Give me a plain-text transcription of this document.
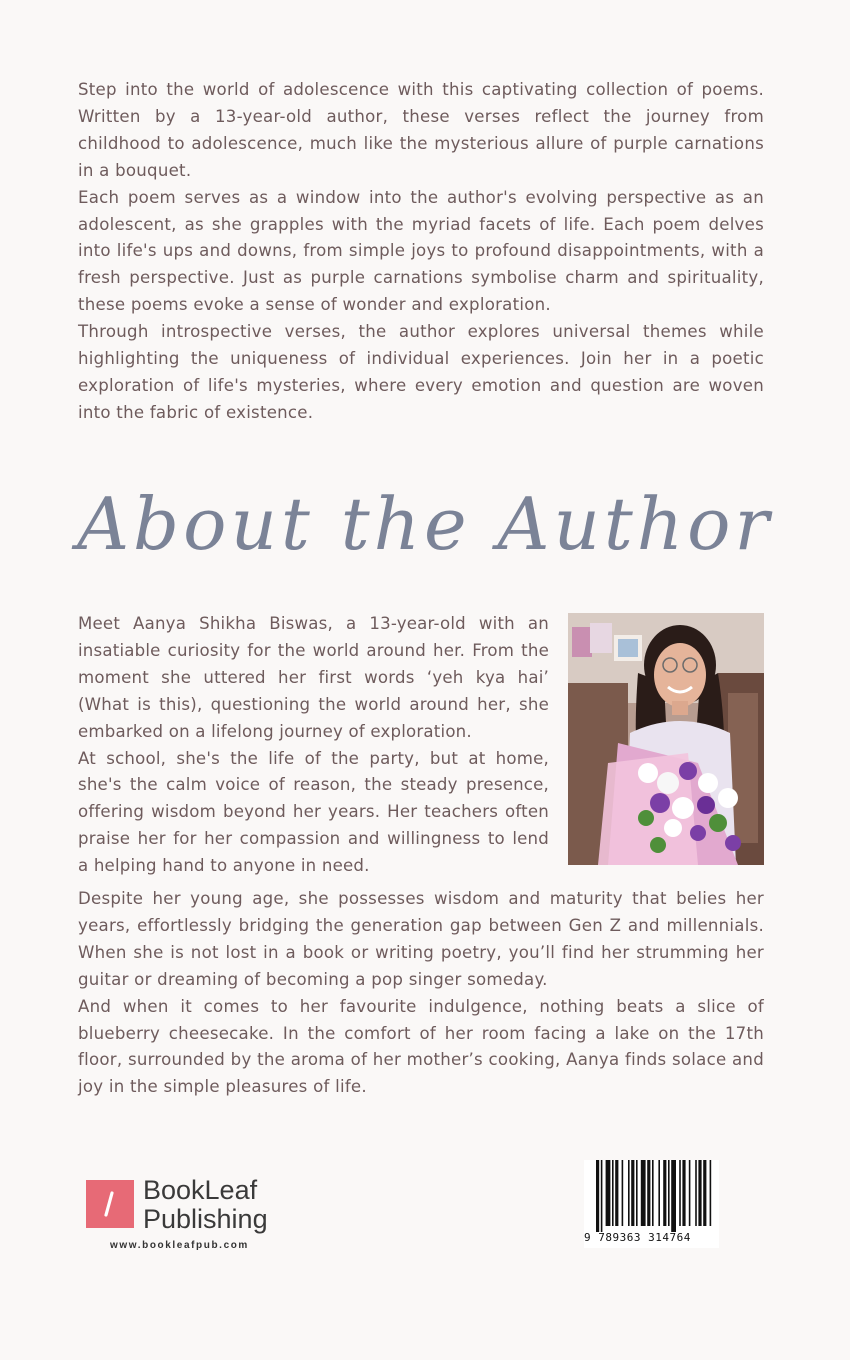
Step into the world of adolescence with this captivating collection of poems. Written by a 13-year-old author, these verses reflect the journey from childhood to adolescence, much like the mysterious allure of purple carnations in a bouquet.

Each poem serves as a window into the author's evolving perspective as an adolescent, as she grapples with the myriad facets of life. Each poem delves into life's ups and downs, from simple joys to profound disappointments, with a fresh perspective. Just as purple carnations symbolise charm and spirituality, these poems evoke a sense of wonder and exploration.

Through introspective verses, the author explores universal themes while highlighting the uniqueness of individual experiences. Join her in a poetic exploration of life's mysteries, where every emotion and question are woven into the fabric of existence.

About the Author

Meet Aanya Shikha Biswas, a 13-year-old with an insatiable curiosity for the world around her. From the moment she uttered her first words ‘yeh kya hai’ (What is this), questioning the world around her, she embarked on a lifelong journey of exploration.

At school, she's the life of the party, but at home, she's the calm voice of reason, the steady presence, offering wisdom beyond her years. Her teachers often praise her for her compassion and willingness to lend a helping hand to anyone in need.

Despite her young age, she possesses wisdom and maturity that belies her years, effortlessly bridging the generation gap between Gen Z and millennials. When she is not lost in a book or writing poetry, you’ll find her strumming her guitar or dreaming of becoming a pop singer someday.

And when it comes to her favourite indulgence, nothing beats a slice of blueberry cheesecake. In the comfort of her room facing a lake on the 17th floor, surrounded by the aroma of her mother’s cooking, Aanya finds solace and joy in the simple pleasures of life.

BookLeaf
Publishing
www.bookleafpub.com
9 789363 314764
